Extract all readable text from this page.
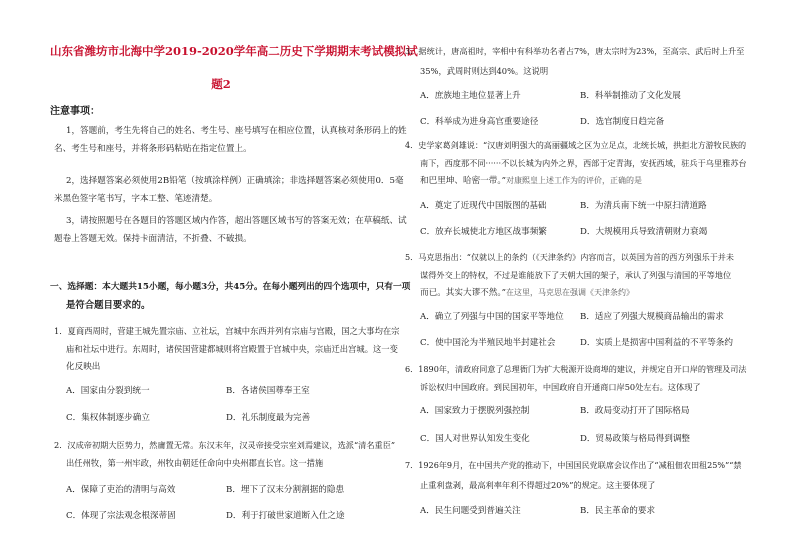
山东省潍坊市北海中学2019-2020学年高二历史下学期期末考试模拟试
题2
注意事项：
1，答题前，考生先将自己的姓名、考生号、座号填写在相应位置，认真核对条形码上的姓
名、考生号和座号，并将条形码粘贴在指定位置上。
2，选择题答案必须使用2B铅笔（按填涂样例）正确填涂；非选择题答案必须使用0．5毫
米黑色签字笔书写，字本工整、笔迹清楚。
3，请按照题号在各题目的答题区域内作答，超出答题区域书写的答案无效；在草稿纸、试
题卷上答题无效。保持卡面清洁，不折叠、不破损。
一、选择题：本大题共15小题，每小题3分，共45分。在每小题列出的四个选项中，只有一项
是符合题目要求的。
1．夏商西周时，营建王城先置宗庙、立社坛，宫城中东西并列有宗庙与宫殿，国之大事均在宗
庙和社坛中进行。东周时，诸侯国营建都城则将宫殿置于宫城中央，宗庙迁出宫城。这一变
化反映出
A．国家由分裂到统一	B．各诸侯国尊奉王室
C．集权体制逐步确立	D．礼乐制度最为完善
2．汉成帝初期大臣势力，然庸置无常。东汉末年，汉灵帝接受宗室刘焉建议，选派“清名重臣”
出任州牧，第一州牢政，州牧由朝廷任命向中央州郡直长官。这一措施
A．保障了吏治的清明与高效	B．埋下了汉末分割割据的隐患
C．体现了宗法观念根深蒂固	D．利于打破世家道断入仕之途
3．据统计，唐高祖时，宰相中有科举功名者占7%，唐太宗时为23%，至高宗、武后时上升至
35%，武周时则达到40%。这说明
A．庶族地主地位显著上升	B．科举制推动了文化发展
C．科举成为进身高官重要途径	D．选官制度日趋完备
4．史学家葛剑雄说：“汉唐刘明强大的高丽疆域之区为立足点，北统长城，拱拒北方游牧民族的
南下，西度那不同······不以长城为内外之界，西部于定青海，安抚西域，驻兵于乌里雅苏台
和巴里坤、哈密一带。”对康熙皇上述工作为的评价，正确的是
A．奠定了近现代中国版图的基础	B．为清兵南下统一中原扫清道路
C．放弃长城使北方地区战事频繁	D．大规模用兵导致清朝财力衰竭
5．马克思指出：“仅就以上的条约（《天津条约》内容而言，以英国为首的西方列强乐于并未
谋得外交上的特权，不过是谁能放下了天朝大国的架子，承认了列强与清国的平等地位
而已。其实大谬不然。”在这里，马克思在强调《天津条约》
A．确立了列强与中国的国家平等地位 B．适应了列强大规模商品输出的需求
C．使中国沦为半殖民地半封建社会	D．实质上是损害中国利益的不平等条约
6．1890年，清政府同意了总理衙门为扩大税源开设商埠的建议，并规定自开口岸的管理及司法
诉讼权归中国政府。到民国初年，中国政府自开通商口岸50处左右。这体现了
A．国家致力于摆脱列强控制	B．政局变动打开了国际格局
C．国人对世界认知发生变化	D．贸易政策与格局得到调整
7．1926年9月，在中国共产党的推动下，中国国民党联席会议作出了“减租佃农田租25%”“禁
止重利盘剥，最高利率年利不得超过20%”的规定。这主要体现了
A．民生问题受到普遍关注	B．民主革命的要求
